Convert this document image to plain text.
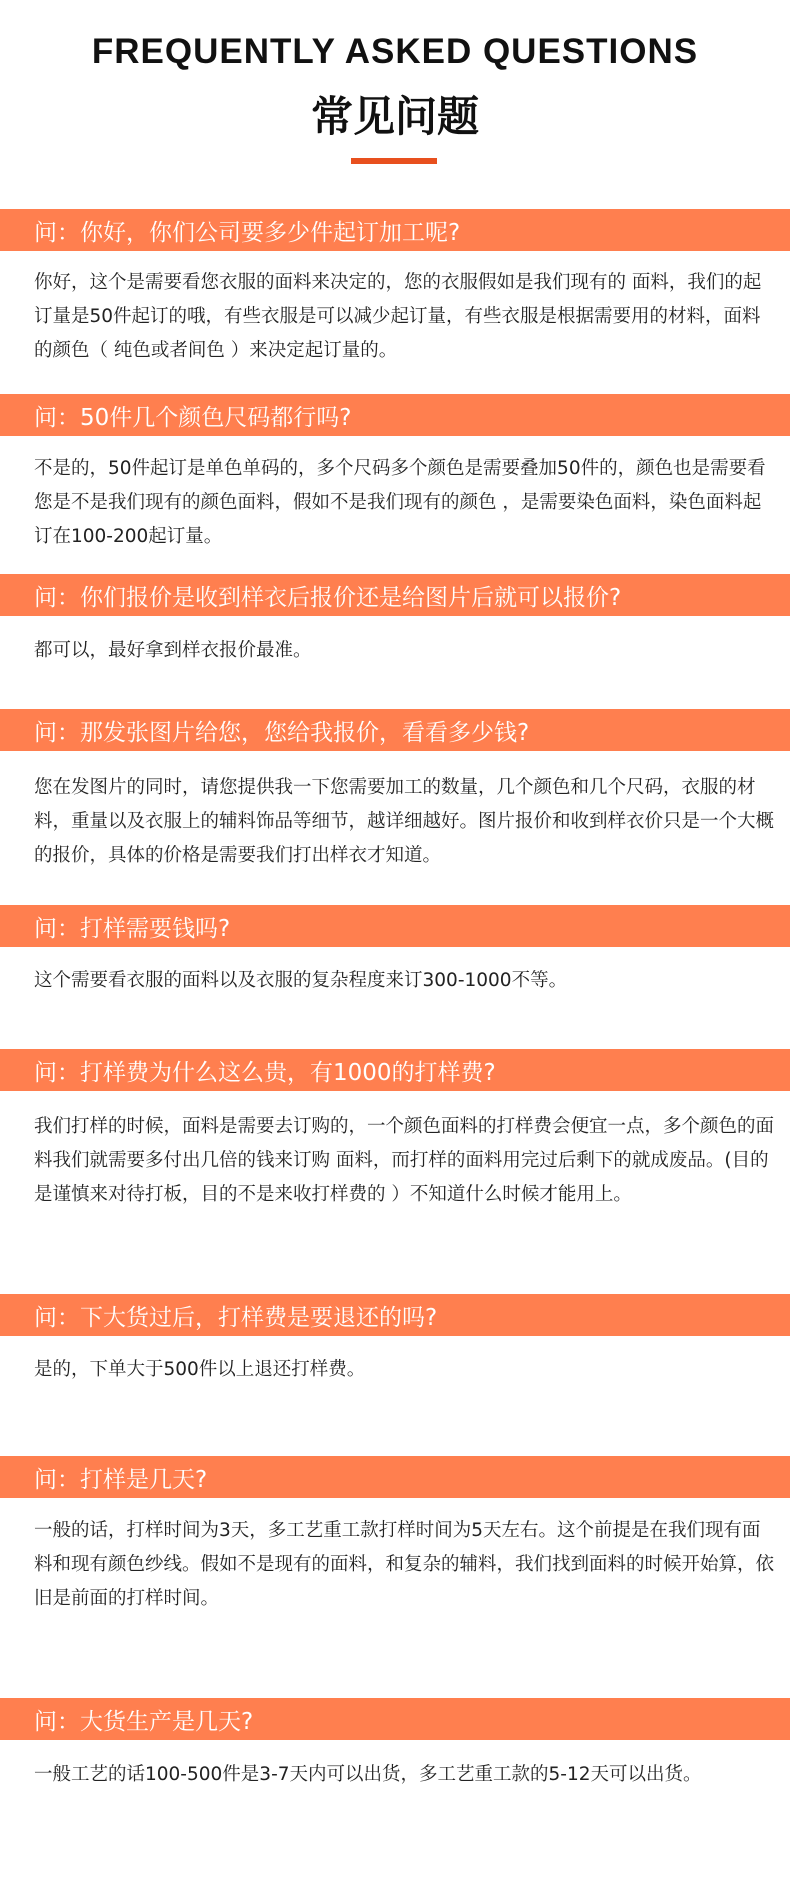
FREQUENTLY ASKED QUESTIONS
常见问题
问：你好，你们公司要多少件起订加工呢?
你好，这个是需要看您衣服的面料来决定的，您的衣服假如是我们现有的 面料，我们的起订量是50件起订的哦，有些衣服是可以减少起订量，有些衣服是根据需要用的材料，面料的颜色（ 纯色或者间色 ）来决定起订量的。
问：50件几个颜色尺码都行吗?
不是的，50件起订是单色单码的，多个尺码多个颜色是需要叠加50件的，颜色也是需要看您是不是我们现有的颜色面料，假如不是我们现有的颜色 ，是需要染色面料，染色面料起订在100-200起订量。
问：你们报价是收到样衣后报价还是给图片后就可以报价?
都可以，最好拿到样衣报价最准。
问：那发张图片给您，您给我报价，看看多少钱?
您在发图片的同时，请您提供我一下您需要加工的数量，几个颜色和几个尺码，衣服的材料，重量以及衣服上的辅料饰品等细节，越详细越好。图片报价和收到样衣价只是一个大概的报价，具体的价格是需要我们打出样衣才知道。
问：打样需要钱吗?
这个需要看衣服的面料以及衣服的复杂程度来订300-1000不等。
问：打样费为什么这么贵，有1000的打样费?
我们打样的时候，面料是需要去订购的，一个颜色面料的打样费会便宜一点，多个颜色的面料我们就需要多付出几倍的钱来订购 面料，而打样的面料用完过后剩下的就成废品。(目的是谨慎来对待打板，目的不是来收打样费的 ）不知道什么时候才能用上。
问：下大货过后，打样费是要退还的吗?
是的，下单大于500件以上退还打样费。
问：打样是几天?
一般的话，打样时间为3天，多工艺重工款打样时间为5天左右。这个前提是在我们现有面料和现有颜色纱线。假如不是现有的面料，和复杂的辅料，我们找到面料的时候开始算，依旧是前面的打样时间。
问：大货生产是几天?
一般工艺的话100-500件是3-7天内可以出货，多工艺重工款的5-12天可以出货。
